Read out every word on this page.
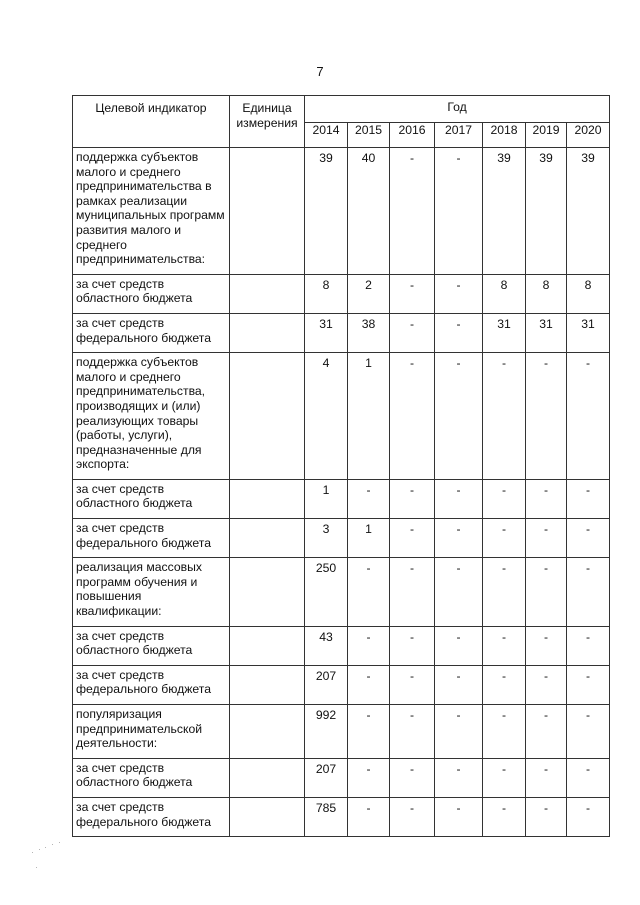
7
Целевой индикатор	Единица измерения	Год						
		2014	2015	2016	2017	2018	2019	2020
поддержка субъектов малого и среднего предпринимательства в рамках реализации муниципальных программ развития малого и среднего предпринимательства:		39	40	-	-	39	39	39
за счет средств областного бюджета		8	2	-	-	8	8	8
за счет средств федерального бюджета		31	38	-	-	31	31	31
поддержка субъектов малого и среднего предпринимательства, производящих и (или) реализующих товары (работы, услуги), предназначенные для экспорта:		4	1	-	-	-	-	-
за счет средств областного бюджета		1	-	-	-	-	-	-
за счет средств федерального бюджета		3	1	-	-	-	-	-
реализация массовых программ обучения и повышения квалификации:		250	-	-	-	-	-	-
за счет средств областного бюджета		43	-	-	-	-	-	-
за счет средств федерального бюджета		207	-	-	-	-	-	-
популяризация предпринимательской деятельности:		992	-	-	-	-	-	-
за счет средств областного бюджета		207	-	-	-	-	-	-
за счет средств федерального бюджета		785	-	-	-	-	-	-
